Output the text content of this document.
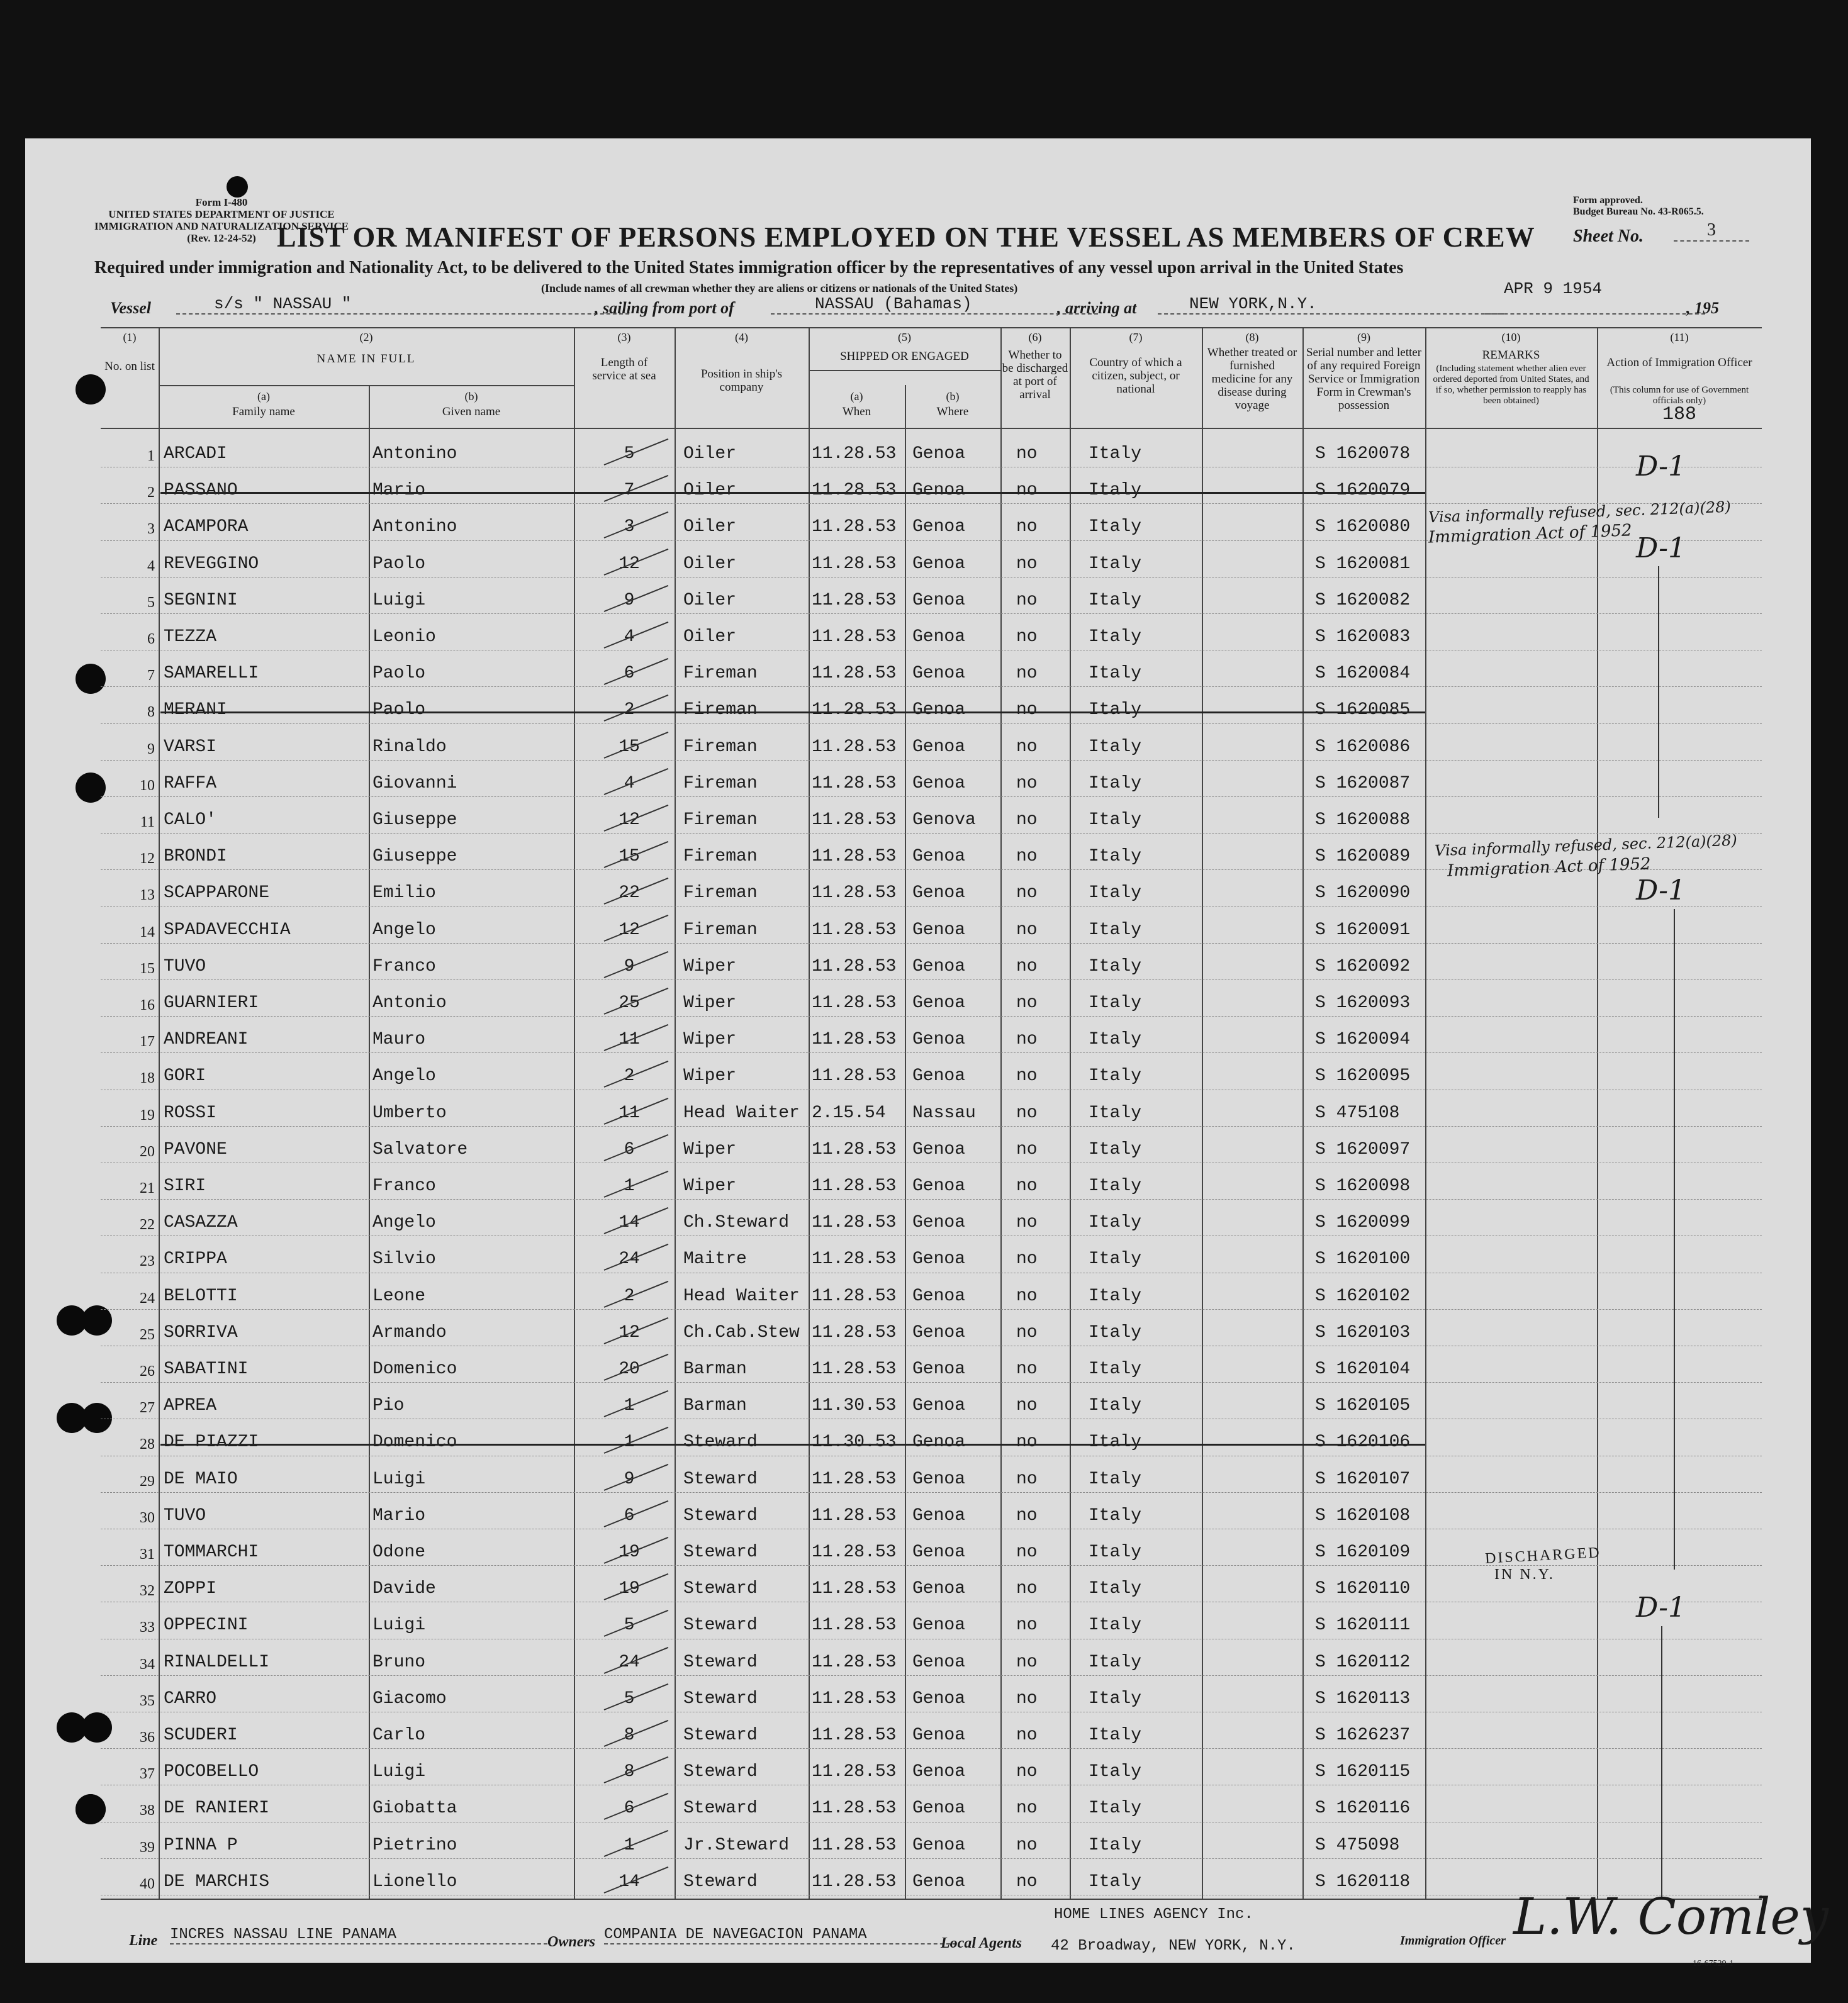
Form I-480
UNITED STATES DEPARTMENT OF JUSTICE
IMMIGRATION AND NATURALIZATION SERVICE
(Rev. 12-24-52)
Form approved.
Budget Bureau No. 43-R065.5.
LIST OR MANIFEST OF PERSONS EMPLOYED ON THE VESSEL AS MEMBERS OF CREW Sheet No.	3
Required under immigration and Nationality Act, to be delivered to the United States immigration officer by the representatives of any vessel upon arrival in the United States
(Include names of all crewman whether they are aliens or citizens or nationals of the United States)
Vessel	s/s " NASSAU "	, sailing from port of	NASSAU (Bahamas)	, arriving at	NEW YORK,N.Y.
APR 9 1954
, 195
(1)
No. on list
(2)
NAME IN FULL
(a)
Family name
(b)
Given name
(3)
Length of service at sea
(4)
Position in ship's company
(5)
SHIPPED OR ENGAGED
(a)
When
(b)
Where
(6)
Whether to be discharged at port of arrival
(7)
Country of which a citizen, subject, or national
(8)
Whether treated or furnished medicine for any disease during voyage
(9)
Serial number and letter of any required Foreign Service or Immigration Form in Crewman's possession
(10)
REMARKS
(Including statement whether alien ever ordered deported from United States, and if so, whether permission to reapply has been obtained)
(11)
Action of Immigration Officer
(This column for use of Government officials only)
188
1 ARCADI	Antonino	5	Oiler	11.28.53 Genoa	no	Italy	S 1620078
2 PASSANO	Mario	7	Oiler	11.28.53 Genoa	no	Italy	S 1620079
3 ACAMPORA	Antonino	3	Oiler	11.28.53 Genoa	no	Italy	S 1620080
4 REVEGGINO	Paolo	12	Oiler	11.28.53 Genoa	no	Italy	S 1620081
5 SEGNINI	Luigi	9	Oiler	11.28.53 Genoa	no	Italy	S 1620082
6 TEZZA	Leonio	4	Oiler	11.28.53 Genoa	no	Italy	S 1620083
7 SAMARELLI	Paolo	6	Fireman	11.28.53 Genoa	no	Italy	S 1620084
8 MERANI	Paolo	2	Fireman	11.28.53 Genoa	no	Italy	S 1620085
9 VARSI	Rinaldo	15	Fireman	11.28.53 Genoa	no	Italy	S 1620086
10 RAFFA	Giovanni	4	Fireman	11.28.53 Genoa	no	Italy	S 1620087
11 CALO'	Giuseppe	12	Fireman	11.28.53 Genova	no	Italy	S 1620088
12 BRONDI	Giuseppe	15	Fireman	11.28.53 Genoa	no	Italy	S 1620089
13 SCAPPARONE	Emilio	22	Fireman	11.28.53 Genoa	no	Italy	S 1620090
14 SPADAVECCHIA	Angelo	12	Fireman	11.28.53 Genoa	no	Italy	S 1620091
15 TUVO	Franco	9	Wiper	11.28.53 Genoa	no	Italy	S 1620092
16 GUARNIERI	Antonio	25	Wiper	11.28.53 Genoa	no	Italy	S 1620093
17 ANDREANI	Mauro	11	Wiper	11.28.53 Genoa	no	Italy	S 1620094
18 GORI	Angelo	2	Wiper	11.28.53 Genoa	no	Italy	S 1620095
19 ROSSI	Umberto	11	Head Waiter 2.15.54	Nassau	no	Italy	S 475108
20 PAVONE	Salvatore	6	Wiper	11.28.53 Genoa	no	Italy	S 1620097
21 SIRI	Franco	1	Wiper	11.28.53 Genoa	no	Italy	S 1620098
22 CASAZZA	Angelo	14	Ch.Steward	11.28.53 Genoa	no	Italy	S 1620099
23 CRIPPA	Silvio	24	Maitre	11.28.53 Genoa	no	Italy	S 1620100
24 BELOTTI	Leone	2	Head Waiter 11.28.53 Genoa	no	Italy	S 1620102
25 SORRIVA	Armando	12	Ch.Cab.Stew 11.28.53 Genoa	no	Italy	S 1620103
26 SABATINI	Domenico	20	Barman	11.28.53 Genoa	no	Italy	S 1620104
27 APREA	Pio	1	Barman	11.30.53 Genoa	no	Italy	S 1620105
28 DE PIAZZI	Domenico	1	Steward	11.30.53 Genoa	no	Italy	S 1620106
29 DE MAIO	Luigi	9	Steward	11.28.53 Genoa	no	Italy	S 1620107
30 TUVO	Mario	6	Steward	11.28.53 Genoa	no	Italy	S 1620108
31 TOMMARCHI	Odone	19	Steward	11.28.53 Genoa	no	Italy	S 1620109
32 ZOPPI	Davide	19	Steward	11.28.53 Genoa	no	Italy	S 1620110
33 OPPECINI	Luigi	5	Steward	11.28.53 Genoa	no	Italy	S 1620111
34 RINALDELLI	Bruno	24	Steward	11.28.53 Genoa	no	Italy	S 1620112
35 CARRO	Giacomo	5	Steward	11.28.53 Genoa	no	Italy	S 1620113
36 SCUDERI	Carlo	8	Steward	11.28.53 Genoa	no	Italy	S 1626237
37 POCOBELLO	Luigi	8	Steward	11.28.53 Genoa	no	Italy	S 1620115
38 DE RANIERI	Giobatta	6	Steward	11.28.53 Genoa	no	Italy	S 1620116
39 PINNA P	Pietrino	1	Jr.Steward	11.28.53 Genoa	no	Italy	S 475098
40 DE MARCHIS	Lionello	14	Steward	11.28.53 Genoa	no	Italy	S 1620118
Visa informally refused, sec. 212(a)(28)
Immigration Act of 1952
Visa informally refused, sec. 212(a)(28)
Immigration Act of 1952
DISCHARGED
IN N.Y.
D-1
D-1
D-1
D-1
Line INCRES NASSAU LINE PANAMA	Owners COMPANIA DE NAVEGACION PANAMA	Local Agents
HOME LINES AGENCY Inc.
42 Broadway, NEW YORK, N.Y.	Immigration Officer L.W. Comley
16-67529-1
